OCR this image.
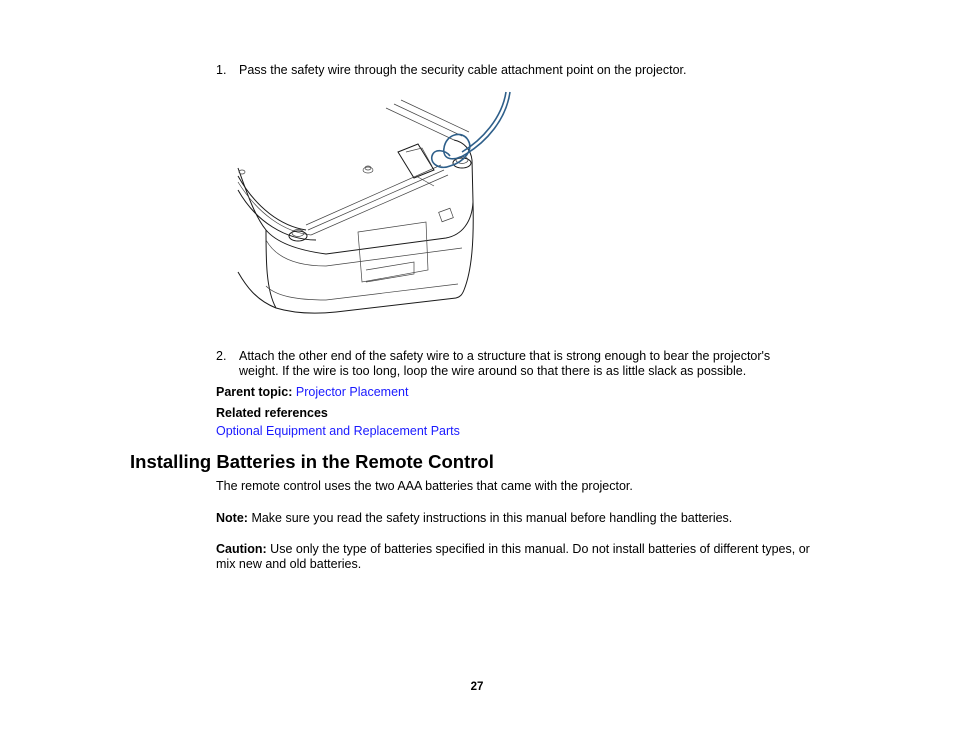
1. Pass the safety wire through the security cable attachment point on the projector.
2. Attach the other end of the safety wire to a structure that is strong enough to bear the projector's weight. If the wire is too long, loop the wire around so that there is as little slack as possible.
Parent topic: Projector Placement
Related references
Optional Equipment and Replacement Parts
Installing Batteries in the Remote Control
The remote control uses the two AAA batteries that came with the projector.
Note: Make sure you read the safety instructions in this manual before handling the batteries.
Caution: Use only the type of batteries specified in this manual. Do not install batteries of different types, or mix new and old batteries.
27
